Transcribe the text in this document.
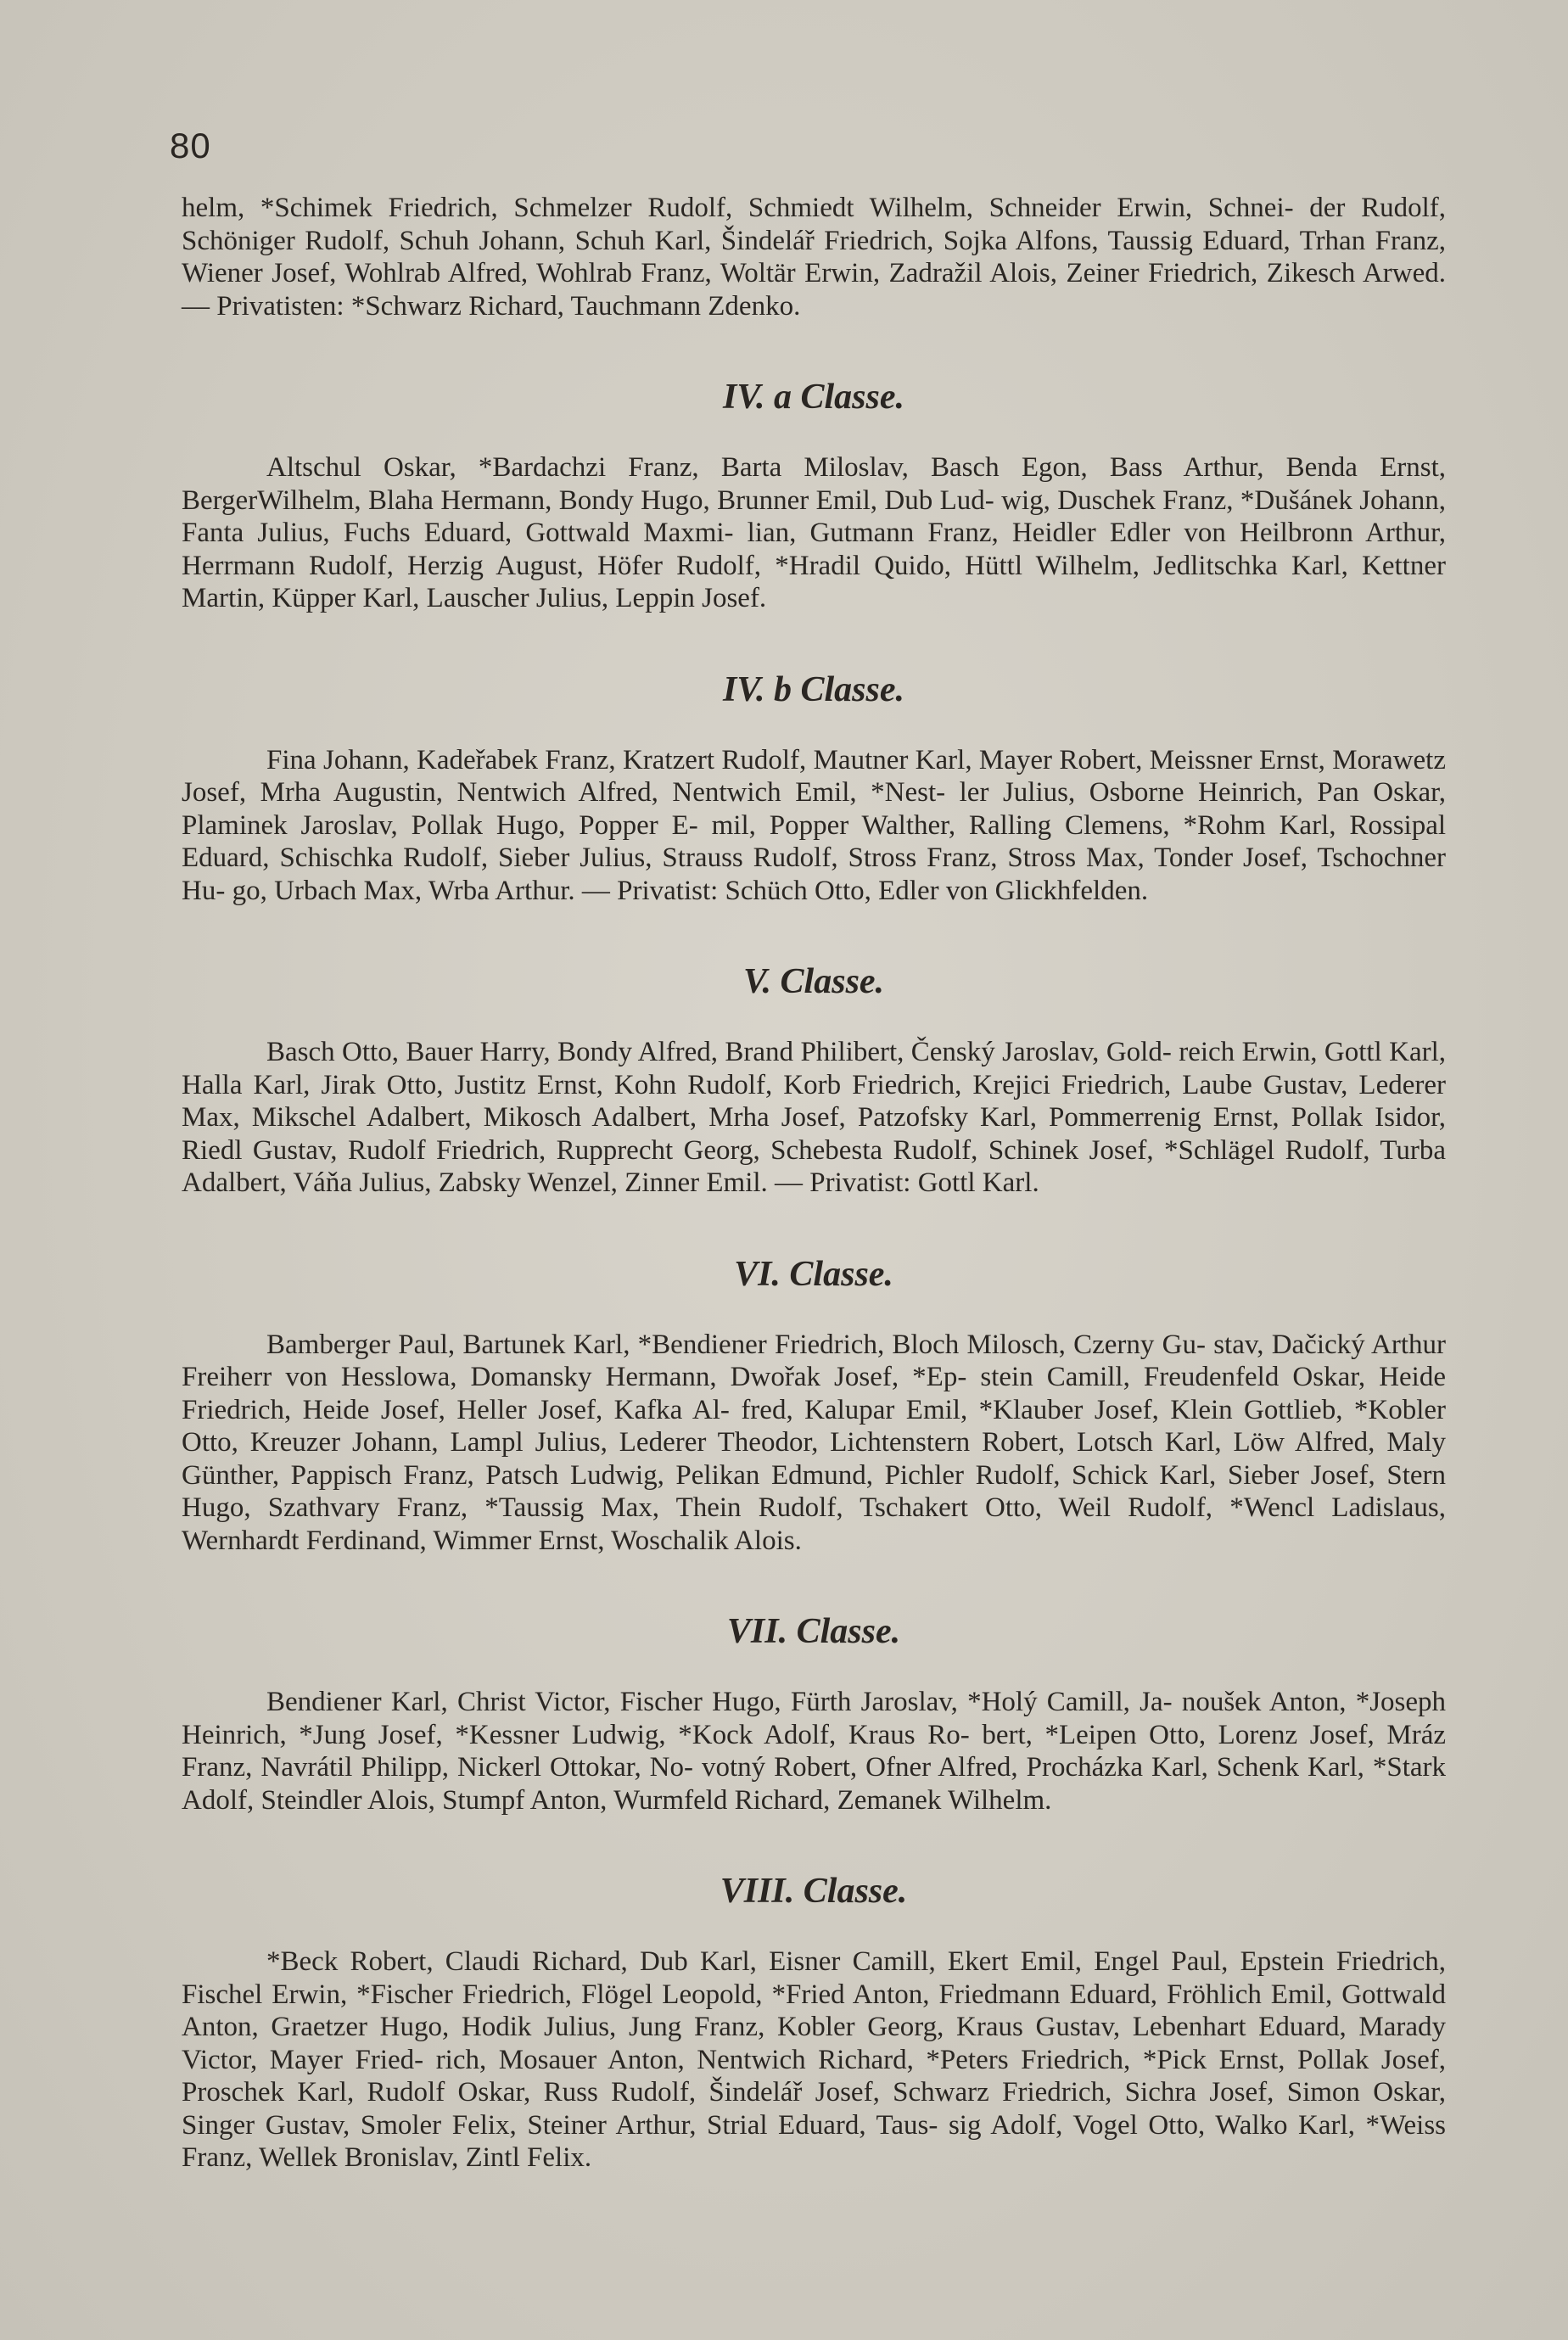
80

helm, *Schimek Friedrich, Schmelzer Rudolf, Schmiedt Wilhelm, Schneider Erwin, Schnei- der Rudolf, Schöniger Rudolf, Schuh Johann, Schuh Karl, Šindelář Friedrich, Sojka Alfons, Taussig Eduard, Trhan Franz, Wiener Josef, Wohlrab Alfred, Wohlrab Franz, Woltär Erwin, Zadražil Alois, Zeiner Friedrich, Zikesch Arwed. — Privatisten: *Schwarz Richard, Tauchmann Zdenko.

IV. a Classe.

Altschul Oskar, *Bardachzi Franz, Barta Miloslav, Basch Egon, Bass Arthur, Benda Ernst, BergerWilhelm, Blaha Hermann, Bondy Hugo, Brunner Emil, Dub Lud- wig, Duschek Franz, *Dušánek Johann, Fanta Julius, Fuchs Eduard, Gottwald Maxmi- lian, Gutmann Franz, Heidler Edler von Heilbronn Arthur, Herrmann Rudolf, Herzig August, Höfer Rudolf, *Hradil Quido, Hüttl Wilhelm, Jedlitschka Karl, Kettner Martin, Küpper Karl, Lauscher Julius, Leppin Josef.

IV. b Classe.

Fina Johann, Kadeřabek Franz, Kratzert Rudolf, Mautner Karl, Mayer Robert, Meissner Ernst, Morawetz Josef, Mrha Augustin, Nentwich Alfred, Nentwich Emil, *Nest- ler Julius, Osborne Heinrich, Pan Oskar, Plaminek Jaroslav, Pollak Hugo, Popper E- mil, Popper Walther, Ralling Clemens, *Rohm Karl, Rossipal Eduard, Schischka Rudolf, Sieber Julius, Strauss Rudolf, Stross Franz, Stross Max, Tonder Josef, Tschochner Hu- go, Urbach Max, Wrba Arthur. — Privatist: Schüch Otto, Edler von Glickhfelden.

V. Classe.

Basch Otto, Bauer Harry, Bondy Alfred, Brand Philibert, Čenský Jaroslav, Gold- reich Erwin, Gottl Karl, Halla Karl, Jirak Otto, Justitz Ernst, Kohn Rudolf, Korb Friedrich, Krejici Friedrich, Laube Gustav, Lederer Max, Mikschel Adalbert, Mikosch Adalbert, Mrha Josef, Patzofsky Karl, Pommerrenig Ernst, Pollak Isidor, Riedl Gustav, Rudolf Friedrich, Rupprecht Georg, Schebesta Rudolf, Schinek Josef, *Schlägel Rudolf, Turba Adalbert, Váňa Julius, Zabsky Wenzel, Zinner Emil. — Privatist: Gottl Karl.

VI. Classe.

Bamberger Paul, Bartunek Karl, *Bendiener Friedrich, Bloch Milosch, Czerny Gu- stav, Dačický Arthur Freiherr von Hesslowa, Domansky Hermann, Dwořak Josef, *Ep- stein Camill, Freudenfeld Oskar, Heide Friedrich, Heide Josef, Heller Josef, Kafka Al- fred, Kalupar Emil, *Klauber Josef, Klein Gottlieb, *Kobler Otto, Kreuzer Johann, Lampl Julius, Lederer Theodor, Lichtenstern Robert, Lotsch Karl, Löw Alfred, Maly Günther, Pappisch Franz, Patsch Ludwig, Pelikan Edmund, Pichler Rudolf, Schick Karl, Sieber Josef, Stern Hugo, Szathvary Franz, *Taussig Max, Thein Rudolf, Tschakert Otto, Weil Rudolf, *Wencl Ladislaus, Wernhardt Ferdinand, Wimmer Ernst, Woschalik Alois.

VII. Classe.

Bendiener Karl, Christ Victor, Fischer Hugo, Fürth Jaroslav, *Holý Camill, Ja- noušek Anton, *Joseph Heinrich, *Jung Josef, *Kessner Ludwig, *Kock Adolf, Kraus Ro- bert, *Leipen Otto, Lorenz Josef, Mráz Franz, Navrátil Philipp, Nickerl Ottokar, No- votný Robert, Ofner Alfred, Procházka Karl, Schenk Karl, *Stark Adolf, Steindler Alois, Stumpf Anton, Wurmfeld Richard, Zemanek Wilhelm.

VIII. Classe.

*Beck Robert, Claudi Richard, Dub Karl, Eisner Camill, Ekert Emil, Engel Paul, Epstein Friedrich, Fischel Erwin, *Fischer Friedrich, Flögel Leopold, *Fried Anton, Friedmann Eduard, Fröhlich Emil, Gottwald Anton, Graetzer Hugo, Hodik Julius, Jung Franz, Kobler Georg, Kraus Gustav, Lebenhart Eduard, Marady Victor, Mayer Fried- rich, Mosauer Anton, Nentwich Richard, *Peters Friedrich, *Pick Ernst, Pollak Josef, Proschek Karl, Rudolf Oskar, Russ Rudolf, Šindelář Josef, Schwarz Friedrich, Sichra Josef, Simon Oskar, Singer Gustav, Smoler Felix, Steiner Arthur, Strial Eduard, Taus- sig Adolf, Vogel Otto, Walko Karl, *Weiss Franz, Wellek Bronislav, Zintl Felix.
